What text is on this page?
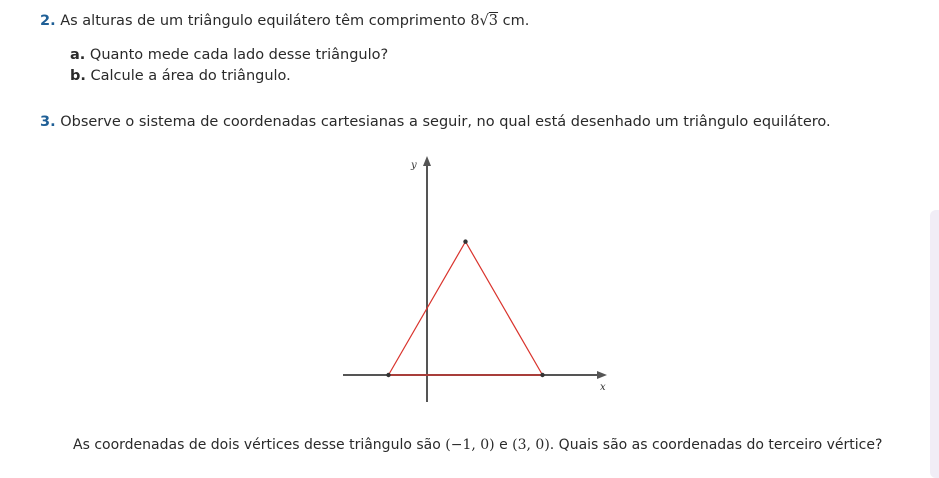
2. As alturas de um triângulo equilátero têm comprimento 8√3 cm.
a. Quanto mede cada lado desse triângulo?
b. Calcule a área do triângulo.
3. Observe o sistema de coordenadas cartesianas a seguir, no qual está desenhado um triângulo equilátero.
y
x
As coordenadas de dois vértices desse triângulo são (−1, 0) e (3, 0). Quais são as coordenadas do terceiro vértice?
